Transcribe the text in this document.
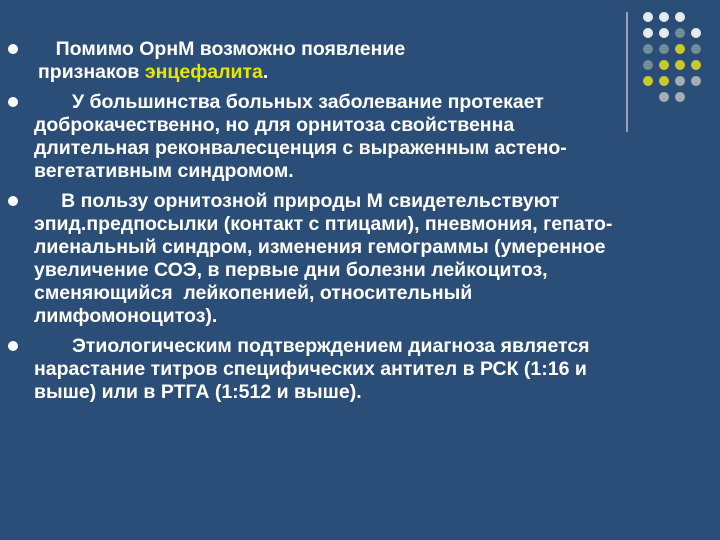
Помимо ОрнМ возможно появление
признаков энцефалита.
У большинства больных заболевание протекает доброкачественно, но для орнитоза свойственна длительная реконвалесценция с выраженным астено-вегетативным синдромом.
В пользу орнитозной природы М свидетельствуют эпид.предпосылки (контакт с птицами), пневмония, гепато-лиенальный синдром, изменения гемограммы (умеренное увеличение СОЭ, в первые дни болезни лейкоцитоз, сменяющийся  лейкопенией, относительный лимфомоноцитоз).
Этиологическим подтверждением диагноза является нарастание титров специфических антител в РСК (1:16 и выше) или в РТГА (1:512 и выше).
